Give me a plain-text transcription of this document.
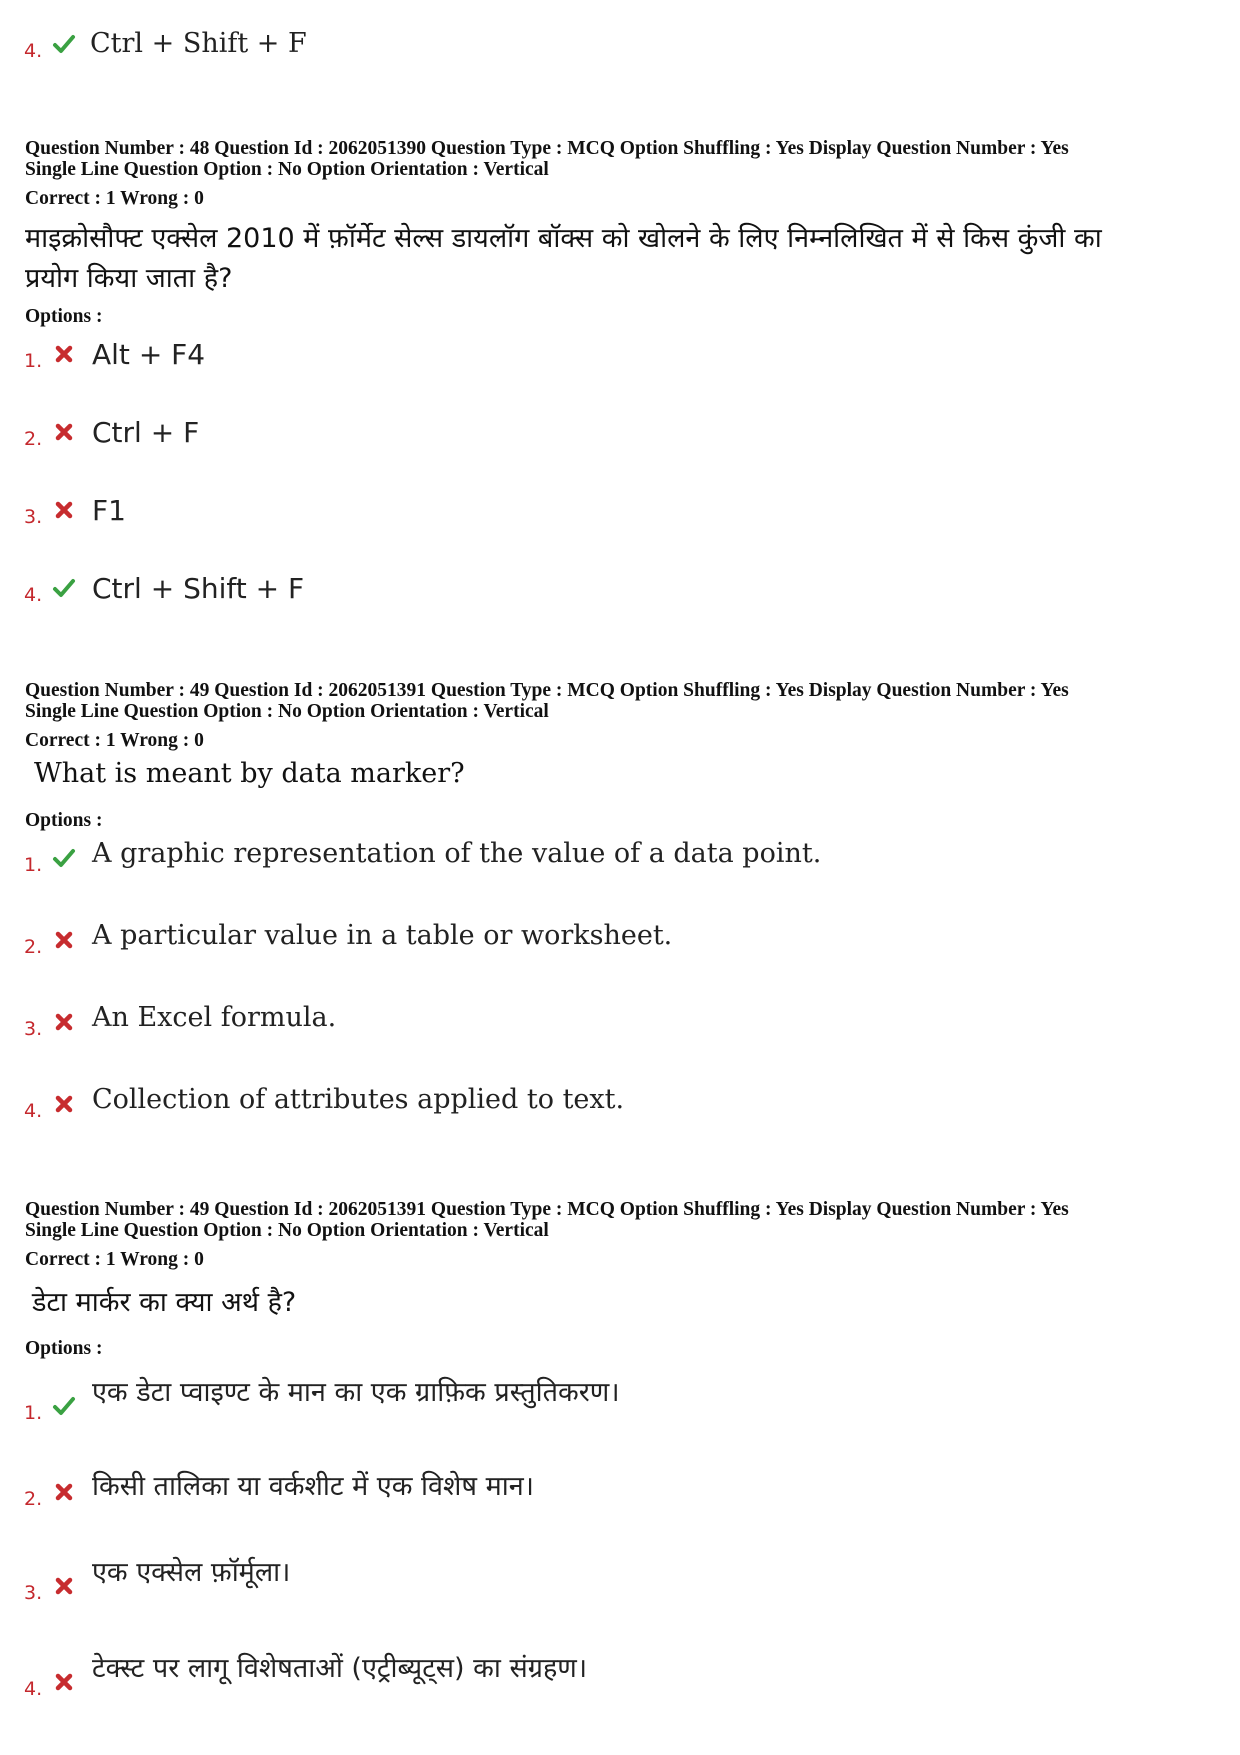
4. Ctrl + Shift + F
Question Number : 48 Question Id : 2062051390 Question Type : MCQ Option Shuffling : Yes Display Question Number : Yes
Single Line Question Option : No Option Orientation : Vertical
Correct : 1 Wrong : 0
माइक्रोसौफ्ट एक्सेल 2010 में फ़ॉर्मेट सेल्स डायलॉग बॉक्स को खोलने के लिए निम्नलिखित में से किस कुंजी का
प्रयोग किया जाता है?
Options :
1. Alt + F4
2. Ctrl + F
3. F1
4. Ctrl + Shift + F
Question Number : 49 Question Id : 2062051391 Question Type : MCQ Option Shuffling : Yes Display Question Number : Yes
Single Line Question Option : No Option Orientation : Vertical
Correct : 1 Wrong : 0
What is meant by data marker?
Options :
1. A graphic representation of the value of a data point.
2. A particular value in a table or worksheet.
3. An Excel formula.
4. Collection of attributes applied to text.
Question Number : 49 Question Id : 2062051391 Question Type : MCQ Option Shuffling : Yes Display Question Number : Yes
Single Line Question Option : No Option Orientation : Vertical
Correct : 1 Wrong : 0
डेटा मार्कर का क्या अर्थ है?
Options :
1.
एक डेटा प्वाइण्ट के मान का एक ग्राफ़िक प्रस्तुतिकरण।
2. किसी तालिका या वर्कशीट में एक विशेष मान।
3.
एक एक्सेल फ़ॉर्मूला।
4.
टेक्स्ट पर लागू विशेषताओं (एट्रीब्यूट्स) का संग्रहण।
